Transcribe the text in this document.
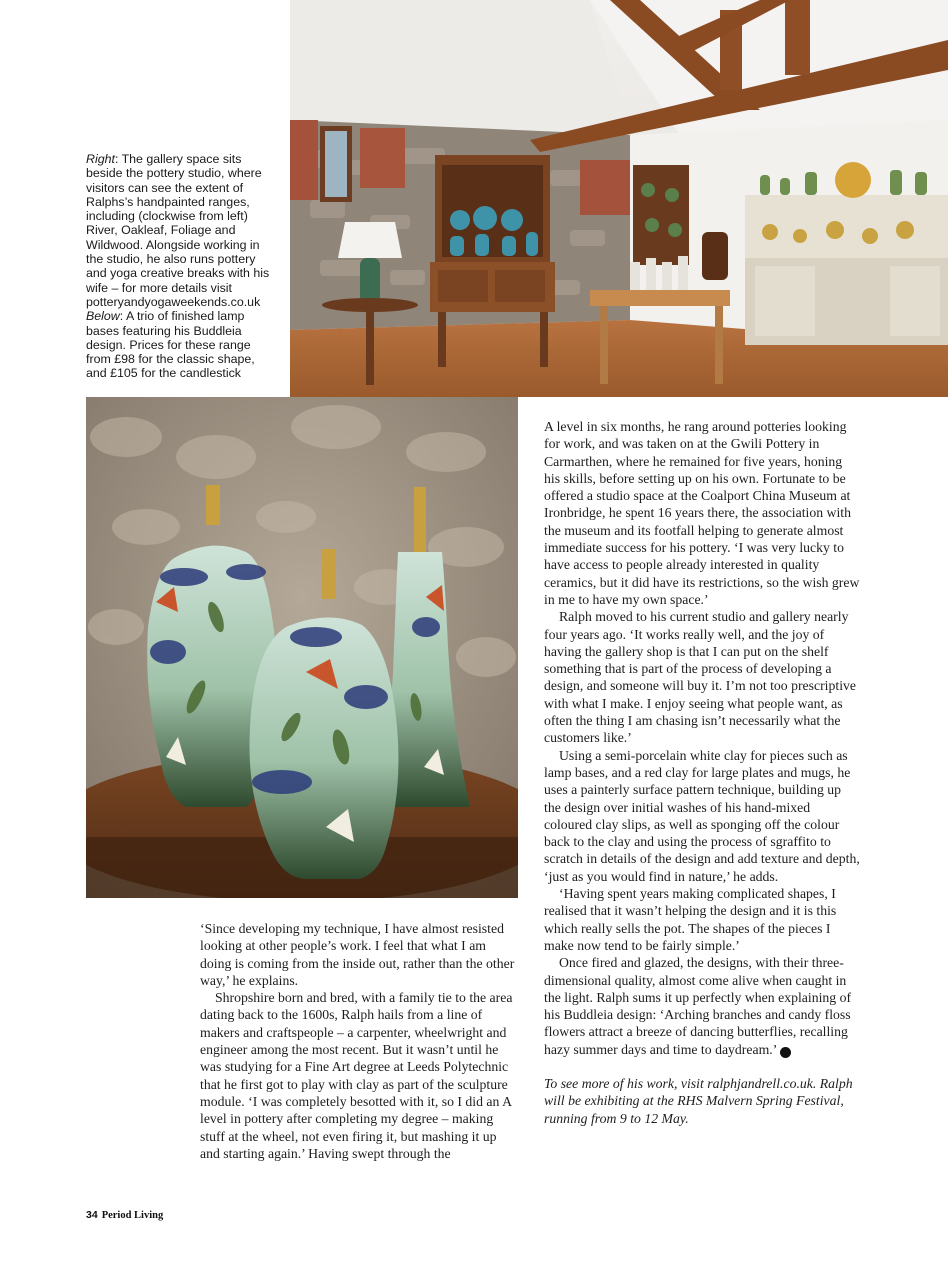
Right: The gallery space sits beside the pottery studio, where visitors can see the extent of Ralphs’s handpainted ranges, including (clockwise from left) River, Oakleaf, Foliage and Wildwood. Alongside working in the studio, he also runs pottery and yoga creative breaks with his wife – for more details visit potteryandyogaweekends.co.uk
Below: A trio of finished lamp bases featuring his Buddleia design. Prices for these range from £98 for the classic shape, and £105 for the candlestick

A level in six months, he rang around potteries looking for work, and was taken on at the Gwili Pottery in Carmarthen, where he remained for five years, honing his skills, before setting up on his own. Fortunate to be offered a studio space at the Coalport China Museum at Ironbridge, he spent 16 years there, the association with the museum and its footfall helping to generate almost immediate success for his pottery. ‘I was very lucky to have access to people already interested in quality ceramics, but it did have its restrictions, so the wish grew in me to have my own space.’

Ralph moved to his current studio and gallery nearly four years ago. ‘It works really well, and the joy of having the gallery shop is that I can put on the shelf something that is part of the process of developing a design, and someone will buy it. I’m not too prescriptive with what I make. I enjoy seeing what people want, as often the thing I am chasing isn’t necessarily what the customers like.’

Using a semi-porcelain white clay for pieces such as lamp bases, and a red clay for large plates and mugs, he uses a painterly surface pattern technique, building up the design over initial washes of his hand-mixed coloured clay slips, as well as sponging off the colour back to the clay and using the process of sgraffito to scratch in details of the design and add texture and depth, ‘just as you would find in nature,’ he adds.

‘Having spent years making complicated shapes, I realised that it wasn’t helping the design and it is this which really sells the pot. The shapes of the pieces I make now tend to be fairly simple.’

Once fired and glazed, the designs, with their three-dimensional quality, almost come alive when caught in the light. Ralph sums it up perfectly when explaining of his Buddleia design: ‘Arching branches and candy floss flowers attract a breeze of dancing butterflies, recalling hazy summer days and time to daydream.’	PL

To see more of his work, visit ralphjandrell.co.uk. Ralph will be exhibiting at the RHS Malvern Spring Festival, running from 9 to 12 May.

‘Since developing my technique, I have almost resisted looking at other people’s work. I feel that what I am doing is coming from the inside out, rather than the other way,’ he explains.

Shropshire born and bred, with a family tie to the area dating back to the 1600s, Ralph hails from a line of makers and craftspeople – a carpenter, wheelwright and engineer among the most recent. But it wasn’t until he was studying for a Fine Art degree at Leeds Polytechnic that he first got to play with clay as part of the sculpture module. ‘I was completely besotted with it, so I did an A level in pottery after completing my degree – making stuff at the wheel, not even firing it, but mashing it up and starting again.’ Having swept through the

34 Period Living
